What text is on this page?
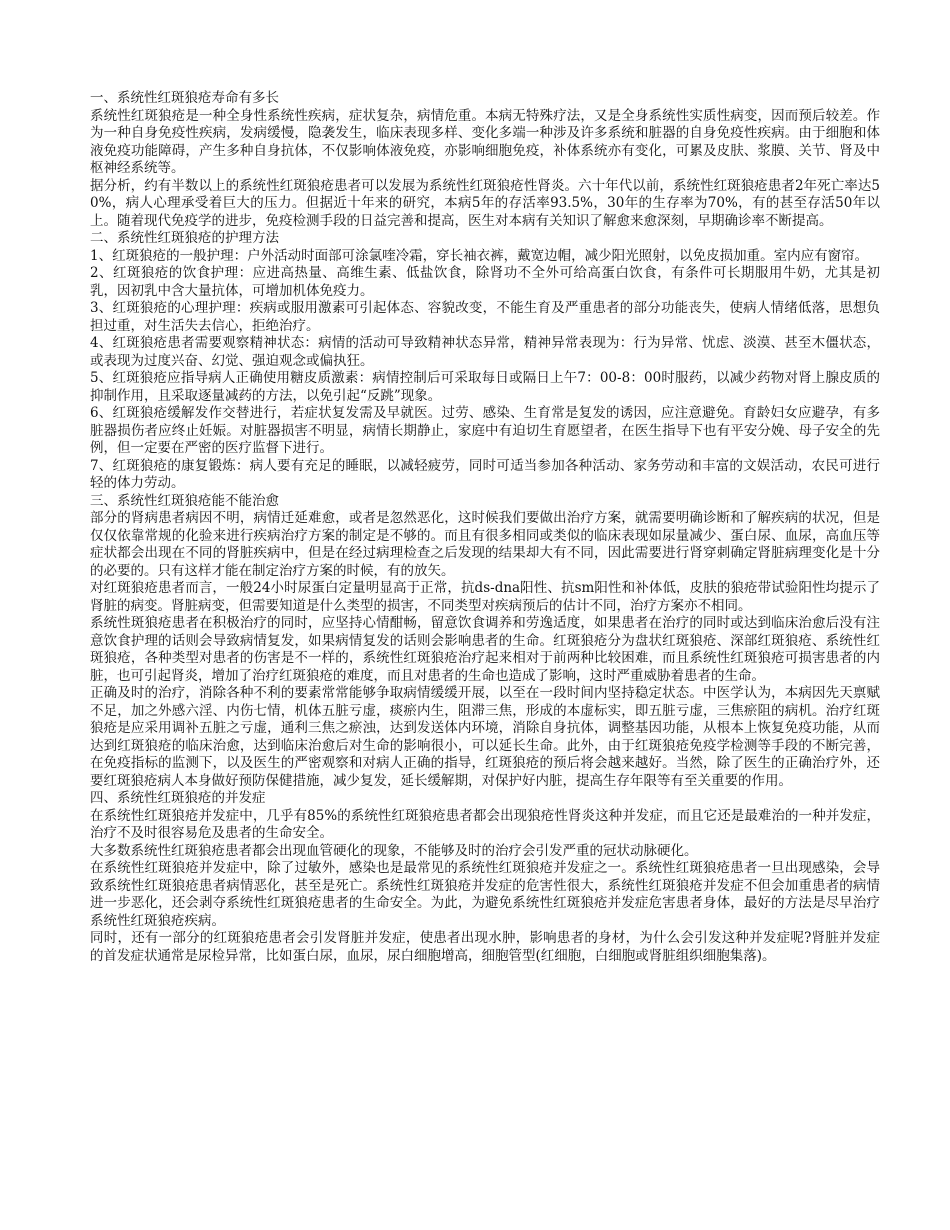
一、系统性红斑狼疮寿命有多长

系统性红斑狼疮是一种全身性系统性疾病，症状复杂，病情危重。本病无特殊疗法，又是全身系统性实质性病变，因而预后较差。作为一种自身免疫性疾病，发病缓慢，隐袭发生，临床表现多样、变化多端一种涉及许多系统和脏器的自身免疫性疾病。由于细胞和体液免疫功能障碍，产生多种自身抗体，不仅影响体液免疫，亦影响细胞免疫，补体系统亦有变化，可累及皮肤、浆膜、关节、肾及中枢神经系统等。

据分析，约有半数以上的系统性红斑狼疮患者可以发展为系统性红斑狼疮性肾炎。六十年代以前，系统性红斑狼疮患者2年死亡率达50%，病人心理承受着巨大的压力。但据近十年来的研究，本病5年的存活率93.5%，30年的生存率为70%，有的甚至存活50年以上。随着现代免疫学的进步，免疫检测手段的日益完善和提高，医生对本病有关知识了解愈来愈深刻，早期确诊率不断提高。

二、系统性红斑狼疮的护理方法

1、红斑狼疮的一般护理：户外活动时面部可涂氯喹冷霜，穿长袖衣裤，戴宽边帽，减少阳光照射，以免皮损加重。室内应有窗帘。

2、红斑狼疮的饮食护理：应进高热量、高维生素、低盐饮食，除肾功不全外可给高蛋白饮食，有条件可长期服用牛奶，尤其是初乳，因初乳中含大量抗体，可增加机体免疫力。

3、红斑狼疮的心理护理：疾病或服用激素可引起体态、容貌改变，不能生育及严重患者的部分功能丧失，使病人情绪低落，思想负担过重，对生活失去信心，拒绝治疗。

4、红斑狼疮患者需要观察精神状态：病情的活动可导致精神状态异常，精神异常表现为：行为异常、忧虑、淡漠、甚至木僵状态，或表现为过度兴奋、幻觉、强迫观念或偏执狂。

5、红斑狼疮应指导病人正确使用糖皮质激素：病情控制后可采取每日或隔日上午7：00-8：00时服药，以减少药物对肾上腺皮质的抑制作用，且采取逐量减药的方法，以免引起“反跳”现象。

6、红斑狼疮缓解发作交替进行，若症状复发需及早就医。过劳、感染、生育常是复发的诱因，应注意避免。育龄妇女应避孕，有多脏器损伤者应终止妊娠。对脏器损害不明显，病情长期静止，家庭中有迫切生育愿望者，在医生指导下也有平安分娩、母子安全的先例，但一定要在严密的医疗监督下进行。

7、红斑狼疮的康复锻炼：病人要有充足的睡眠，以减轻疲劳，同时可适当参加各种活动、家务劳动和丰富的文娱活动，农民可进行轻的体力劳动。

三、系统性红斑狼疮能不能治愈

部分的肾病患者病因不明，病情迁延难愈，或者是忽然恶化，这时候我们要做出治疗方案，就需要明确诊断和了解疾病的状况，但是仅仅依靠常规的化验来进行疾病治疗方案的制定是不够的。而且有很多相同或类似的临床表现如尿量减少、蛋白尿、血尿，高血压等症状都会出现在不同的肾脏疾病中，但是在经过病理检查之后发现的结果却大有不同，因此需要进行肾穿刺确定肾脏病理变化是十分的必要的。只有这样才能在制定治疗方案的时候，有的放矢。

对红斑狼疮患者而言，一般24小时尿蛋白定量明显高于正常，抗ds-dna阳性、抗sm阳性和补体低，皮肤的狼疮带试验阳性均提示了肾脏的病变。肾脏病变，但需要知道是什么类型的损害，不同类型对疾病预后的估计不同，治疗方案亦不相同。

系统性斑狼疮患者在积极治疗的同时，应坚持心情酣畅，留意饮食调养和劳逸适度，如果患者在治疗的同时或达到临床治愈后没有注意饮食护理的话则会导致病情复发，如果病情复发的话则会影响患者的生命。红斑狼疮分为盘状红斑狼疮、深部红斑狼疮、系统性红斑狼疮，各种类型对患者的伤害是不一样的，系统性红斑狼疮治疗起来相对于前两种比较困难，而且系统性红斑狼疮可损害患者的内脏，也可引起肾炎，增加了治疗红斑狼疮的难度，而且对患者的生命也造成了影响，这时严重威胁着患者的生命。

正确及时的治疗，消除各种不利的要素常常能够争取病情缓缓开展，以至在一段时间内坚持稳定状态。中医学认为，本病因先天禀赋不足，加之外感六淫、内伤七情，机体五脏亏虚，痰瘀内生，阻滞三焦，形成的本虚标实，即五脏亏虚，三焦瘀阻的病机。治疗红斑狼疮是应采用调补五脏之亏虚，通利三焦之瘀浊，达到发送体内环境，消除自身抗体，调整基因功能，从根本上恢复免疫功能，从而达到红斑狼疮的临床治愈，达到临床治愈后对生命的影响很小，可以延长生命。此外，由于红斑狼疮免疫学检测等手段的不断完善，在免疫指标的监测下，以及医生的严密观察和对病人正确的指导，红斑狼疮的预后将会越来越好。当然，除了医生的正确治疗外，还要红斑狼疮病人本身做好预防保健措施，减少复发，延长缓解期，对保护好内脏，提高生存年限等有至关重要的作用。

四、系统性红斑狼疮的并发症

在系统性红斑狼疮并发症中，几乎有85%的系统性红斑狼疮患者都会出现狼疮性肾炎这种并发症，而且它还是最难治的一种并发症，治疗不及时很容易危及患者的生命安全。

大多数系统性红斑狼疮患者都会出现血管硬化的现象，不能够及时的治疗会引发严重的冠状动脉硬化。

在系统性红斑狼疮并发症中，除了过敏外，感染也是最常见的系统性红斑狼疮并发症之一。系统性红斑狼疮患者一旦出现感染，会导致系统性红斑狼疮患者病情恶化，甚至是死亡。系统性红斑狼疮并发症的危害性很大，系统性红斑狼疮并发症不但会加重患者的病情进一步恶化，还会剥夺系统性红斑狼疮患者的生命安全。为此，为避免系统性红斑狼疮并发症危害患者身体，最好的方法是尽早治疗系统性红斑狼疮疾病。

同时，还有一部分的红斑狼疮患者会引发肾脏并发症，使患者出现水肿，影响患者的身材，为什么会引发这种并发症呢?肾脏并发症的首发症状通常是尿检异常，比如蛋白尿，血尿，尿白细胞增高，细胞管型(红细胞，白细胞或肾脏组织细胞集落)。
